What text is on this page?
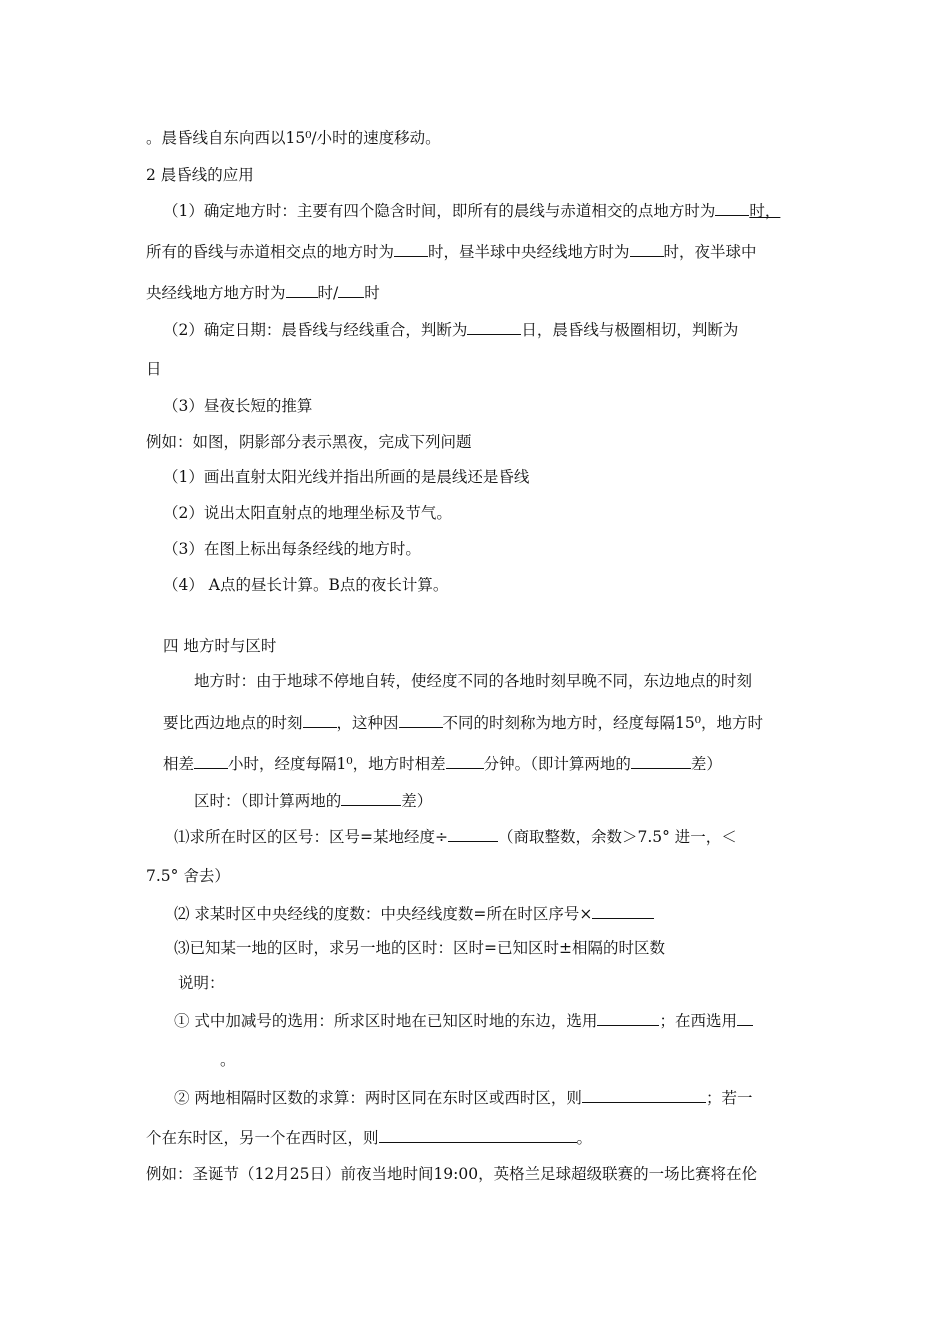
。晨昏线自东向西以15⁰/小时的速度移动。
2 晨昏线的应用
（1）确定地方时：主要有四个隐含时间，即所有的晨线与赤道相交的点地方时为 时，
所有的昏线与赤道相交点的地方时为 时，昼半球中央经线地方时为 时，夜半球中
央经线地方地方时为 时/ 时
（2）确定日期：晨昏线与经线重合，判断为	日，晨昏线与极圈相切，判断为
日
（3）昼夜长短的推算
例如：如图，阴影部分表示黑夜，完成下列问题
（1）画出直射太阳光线并指出所画的是晨线还是昏线
（2）说出太阳直射点的地理坐标及节气。
（3）在图上标出每条经线的地方时。
（4） A点的昼长计算。B点的夜长计算。
四 地方时与区时
地方时：由于地球不停地自转，使经度不同的各地时刻早晚不同，东边地点的时刻
要比西边地点的时刻 ，这种因	不同的时刻称为地方时，经度每隔15⁰，地方时
相差 小时，经度每隔1⁰，地方时相差 分钟。（即计算两地的	差）
区时：（即计算两地的	差）
⑴求所在时区的区号：区号=某地经度÷	（商取整数，余数＞7.5° 进一，＜
7.5° 舍去）
⑵ 求某时区中央经线的度数：中央经线度数=所在时区序号×
⑶已知某一地的区时，求另一地的区时：区时=已知区时±相隔的时区数
说明：
① 式中加减号的选用：所求区时地在已知区时地的东边，选用	；在西选用
。
② 两地相隔时区数的求算：两时区同在东时区或西时区，则	；若一
个在东时区，另一个在西时区，则	。
例如：圣诞节（12月25日）前夜当地时间19:00，英格兰足球超级联赛的一场比赛将在伦
